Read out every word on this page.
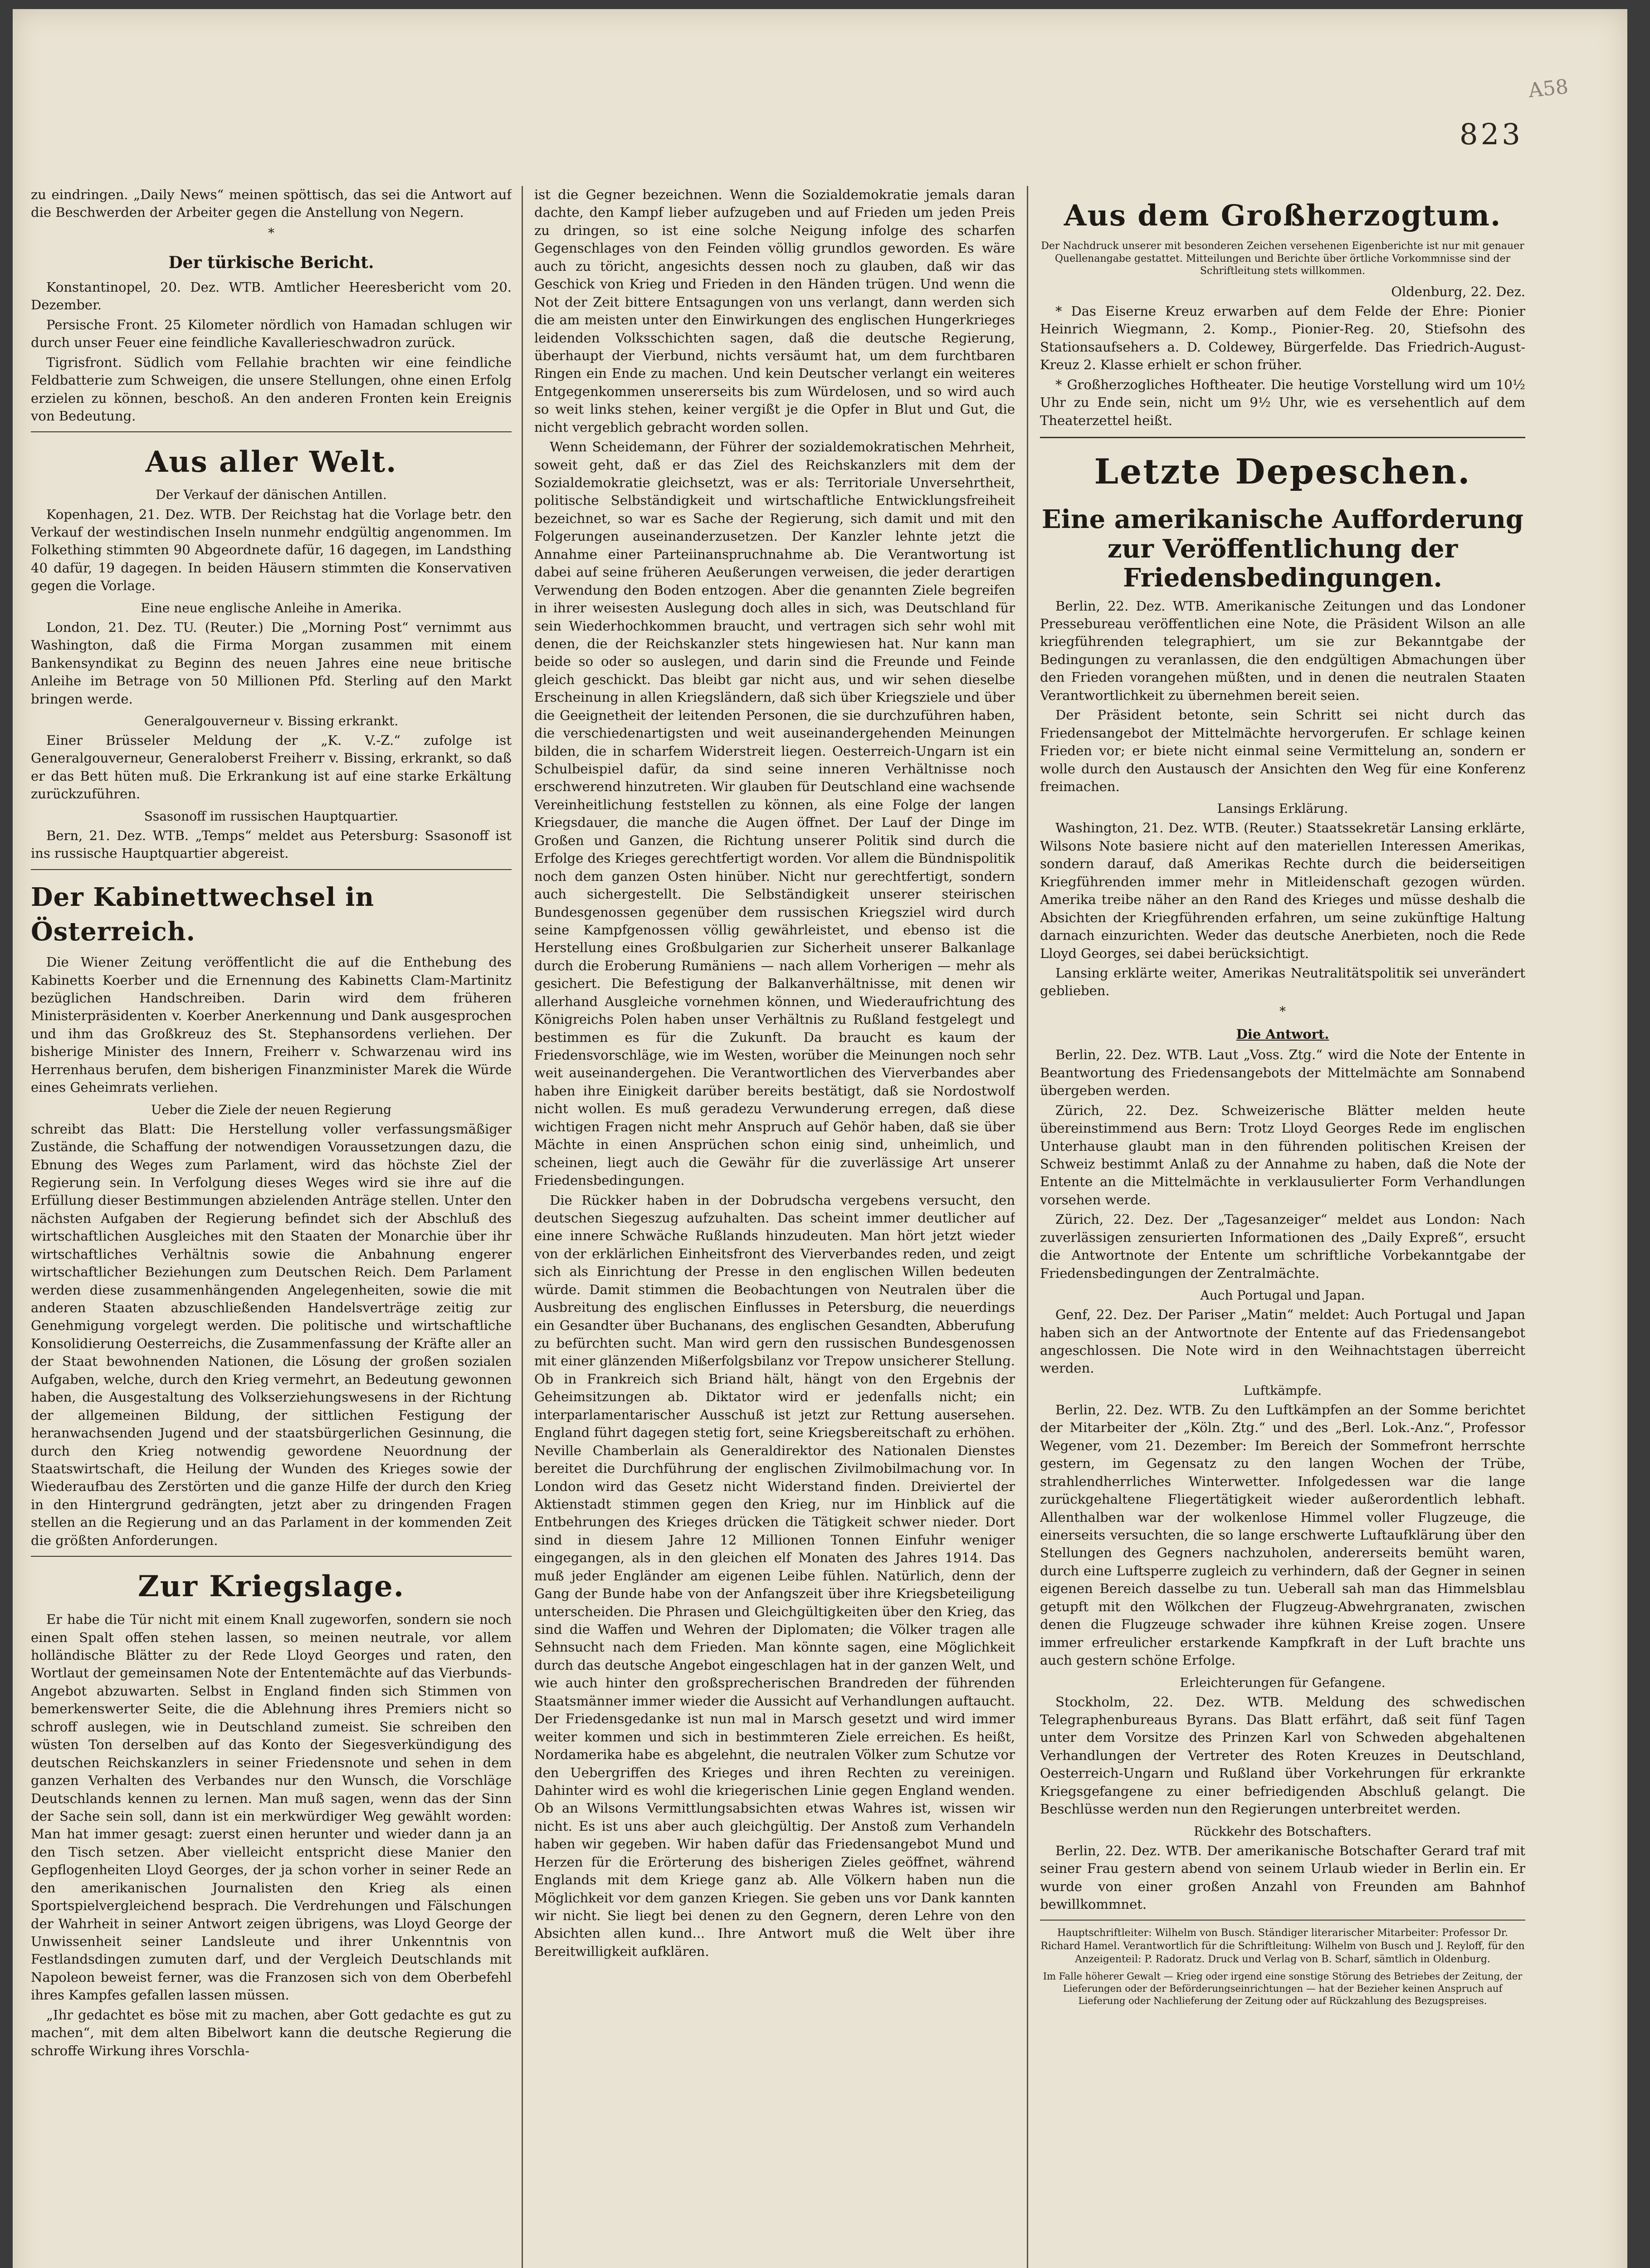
A58
823

zu eindringen. „Daily News“ meinen spöttisch, das sei die Antwort auf die Beschwerden der Arbeiter gegen die Anstellung von Negern.

*
Der türkische Bericht.

Konstantinopel, 20. Dez. WTB. Amtlicher Heeresbericht vom 20. Dezember.

Persische Front. 25 Kilometer nördlich von Hamadan schlugen wir durch unser Feuer eine feindliche Kavallerieschwadron zurück.

Tigrisfront. Südlich vom Fellahie brachten wir eine feindliche Feldbatterie zum Schweigen, die unsere Stellungen, ohne einen Erfolg erzielen zu können, beschoß. An den anderen Fronten kein Ereignis von Bedeutung.

Aus aller Welt.
Der Verkauf der dänischen Antillen.

Kopenhagen, 21. Dez. WTB. Der Reichstag hat die Vorlage betr. den Verkauf der westindischen Inseln nunmehr endgültig angenommen. Im Folkething stimmten 90 Abgeordnete dafür, 16 dagegen, im Landsthing 40 dafür, 19 dagegen. In beiden Häusern stimmten die Konservativen gegen die Vorlage.

Eine neue englische Anleihe in Amerika.

London, 21. Dez. TU. (Reuter.) Die „Morning Post“ vernimmt aus Washington, daß die Firma Morgan zusammen mit einem Bankensyndikat zu Beginn des neuen Jahres eine neue britische Anleihe im Betrage von 50 Millionen Pfd. Sterling auf den Markt bringen werde.

Generalgouverneur v. Bissing erkrankt.

Einer Brüsseler Meldung der „K. V.-Z.“ zufolge ist Generalgouverneur, Generaloberst Freiherr v. Bissing, erkrankt, so daß er das Bett hüten muß. Die Erkrankung ist auf eine starke Erkältung zurückzuführen.

Ssasonoff im russischen Hauptquartier.

Bern, 21. Dez. WTB. „Temps“ meldet aus Petersburg: Ssasonoff ist ins russische Hauptquartier abgereist.

Der Kabinettwechsel in Österreich.

Die Wiener Zeitung veröffentlicht die auf die Enthebung des Kabinetts Koerber und die Ernennung des Kabinetts Clam-Martinitz bezüglichen Handschreiben. Darin wird dem früheren Ministerpräsidenten v. Koerber Anerkennung und Dank ausgesprochen und ihm das Großkreuz des St. Stephansordens verliehen. Der bisherige Minister des Innern, Freiherr v. Schwarzenau wird ins Herrenhaus berufen, dem bisherigen Finanzminister Marek die Würde eines Geheimrats verliehen.

Ueber die Ziele der neuen Regierung

schreibt das Blatt: Die Herstellung voller verfassungsmäßiger Zustände, die Schaffung der notwendigen Voraussetzungen dazu, die Ebnung des Weges zum Parlament, wird das höchste Ziel der Regierung sein. In Verfolgung dieses Weges wird sie ihre auf die Erfüllung dieser Bestimmungen abzielenden Anträge stellen. Unter den nächsten Aufgaben der Regierung befindet sich der Abschluß des wirtschaftlichen Ausgleiches mit den Staaten der Monarchie über ihr wirtschaftliches Verhältnis sowie die Anbahnung engerer wirtschaftlicher Beziehungen zum Deutschen Reich. Dem Parlament werden diese zusammenhängenden Angelegenheiten, sowie die mit anderen Staaten abzuschließenden Handelsverträge zeitig zur Genehmigung vorgelegt werden. Die politische und wirtschaftliche Konsolidierung Oesterreichs, die Zusammenfassung der Kräfte aller an der Staat bewohnenden Nationen, die Lösung der großen sozialen Aufgaben, welche, durch den Krieg vermehrt, an Bedeutung gewonnen haben, die Ausgestaltung des Volkserziehungswesens in der Richtung der allgemeinen Bildung, der sittlichen Festigung der heranwachsenden Jugend und der staatsbürgerlichen Gesinnung, die durch den Krieg notwendig gewordene Neuordnung der Staatswirtschaft, die Heilung der Wunden des Krieges sowie der Wiederaufbau des Zerstörten und die ganze Hilfe der durch den Krieg in den Hintergrund gedrängten, jetzt aber zu dringenden Fragen stellen an die Regierung und an das Parlament in der kommenden Zeit die größten Anforderungen.

Zur Kriegslage.

Er habe die Tür nicht mit einem Knall zugeworfen, sondern sie noch einen Spalt offen stehen lassen, so meinen neutrale, vor allem holländische Blätter zu der Rede Lloyd Georges und raten, den Wortlaut der gemeinsamen Note der Ententemächte auf das Vierbunds-Angebot abzuwarten. Selbst in England finden sich Stimmen von bemerkenswerter Seite, die die Ablehnung ihres Premiers nicht so schroff auslegen, wie in Deutschland zumeist. Sie schreiben den wüsten Ton derselben auf das Konto der Siegesverkündigung des deutschen Reichskanzlers in seiner Friedensnote und sehen in dem ganzen Verhalten des Verbandes nur den Wunsch, die Vorschläge Deutschlands kennen zu lernen. Man muß sagen, wenn das der Sinn der Sache sein soll, dann ist ein merkwürdiger Weg gewählt worden: Man hat immer gesagt: zuerst einen herunter und wieder dann ja an den Tisch setzen. Aber vielleicht entspricht diese Manier den Gepflogenheiten Lloyd Georges, der ja schon vorher in seiner Rede an den amerikanischen Journalisten den Krieg als einen Sportspielvergleichend besprach. Die Verdrehungen und Fälschungen der Wahrheit in seiner Antwort zeigen übrigens, was Lloyd George der Unwissenheit seiner Landsleute und ihrer Unkenntnis von Festlandsdingen zumuten darf, und der Vergleich Deutschlands mit Napoleon beweist ferner, was die Franzosen sich von dem Oberbefehl ihres Kampfes gefallen lassen müssen.

„Ihr gedachtet es böse mit zu machen, aber Gott gedachte es gut zu machen“, mit dem alten Bibelwort kann die deutsche Regierung die schroffe Wirkung ihres Vorschla-

ist die Gegner bezeichnen. Wenn die Sozialdemokratie jemals daran dachte, den Kampf lieber aufzugeben und auf Frieden um jeden Preis zu dringen, so ist eine solche Neigung infolge des scharfen Gegenschlages von den Feinden völlig grundlos geworden. Es wäre auch zu töricht, angesichts dessen noch zu glauben, daß wir das Geschick von Krieg und Frieden in den Händen trügen. Und wenn die Not der Zeit bittere Entsagungen von uns verlangt, dann werden sich die am meisten unter den Einwirkungen des englischen Hungerkrieges leidenden Volksschichten sagen, daß die deutsche Regierung, überhaupt der Vierbund, nichts versäumt hat, um dem furchtbaren Ringen ein Ende zu machen. Und kein Deutscher verlangt ein weiteres Entgegenkommen unsererseits bis zum Würdelosen, und so wird auch so weit links stehen, keiner vergißt je die Opfer in Blut und Gut, die nicht vergeblich gebracht worden sollen.

Wenn Scheidemann, der Führer der sozialdemokratischen Mehrheit, soweit geht, daß er das Ziel des Reichskanzlers mit dem der Sozialdemokratie gleichsetzt, was er als: Territoriale Unversehrtheit, politische Selbständigkeit und wirtschaftliche Entwicklungsfreiheit bezeichnet, so war es Sache der Regierung, sich damit und mit den Folgerungen auseinanderzusetzen. Der Kanzler lehnte jetzt die Annahme einer Parteiinanspruchnahme ab. Die Verantwortung ist dabei auf seine früheren Aeußerungen verweisen, die jeder derartigen Verwendung den Boden entzogen. Aber die genannten Ziele begreifen in ihrer weisesten Auslegung doch alles in sich, was Deutschland für sein Wiederhochkommen braucht, und vertragen sich sehr wohl mit denen, die der Reichskanzler stets hingewiesen hat. Nur kann man beide so oder so auslegen, und darin sind die Freunde und Feinde gleich geschickt. Das bleibt gar nicht aus, und wir sehen dieselbe Erscheinung in allen Kriegsländern, daß sich über Kriegsziele und über die Geeignetheit der leitenden Personen, die sie durchzuführen haben, die verschiedenartigsten und weit auseinandergehenden Meinungen bilden, die in scharfem Widerstreit liegen. Oesterreich-Ungarn ist ein Schulbeispiel dafür, da sind seine inneren Verhältnisse noch erschwerend hinzutreten. Wir glauben für Deutschland eine wachsende Vereinheitlichung feststellen zu können, als eine Folge der langen Kriegsdauer, die manche die Augen öffnet. Der Lauf der Dinge im Großen und Ganzen, die Richtung unserer Politik sind durch die Erfolge des Krieges gerechtfertigt worden. Vor allem die Bündnispolitik noch dem ganzen Osten hinüber. Nicht nur gerechtfertigt, sondern auch sichergestellt. Die Selbständigkeit unserer steirischen Bundesgenossen gegenüber dem russischen Kriegsziel wird durch seine Kampfgenossen völlig gewährleistet, und ebenso ist die Herstellung eines Großbulgarien zur Sicherheit unserer Balkanlage durch die Eroberung Rumäniens — nach allem Vorherigen — mehr als gesichert. Die Befestigung der Balkanverhältnisse, mit denen wir allerhand Ausgleiche vornehmen können, und Wiederaufrichtung des Königreichs Polen haben unser Verhältnis zu Rußland festgelegt und bestimmen es für die Zukunft. Da braucht es kaum der Friedensvorschläge, wie im Westen, worüber die Meinungen noch sehr weit auseinandergehen. Die Verantwortlichen des Vierverbandes aber haben ihre Einigkeit darüber bereits bestätigt, daß sie Nordostwolf nicht wollen. Es muß geradezu Verwunderung erregen, daß diese wichtigen Fragen nicht mehr Anspruch auf Gehör haben, daß sie über Mächte in einen Ansprüchen schon einig sind, unheimlich, und scheinen, liegt auch die Gewähr für die zuverlässige Art unserer Friedensbedingungen.

Die Rückker haben in der Dobrudscha vergebens versucht, den deutschen Siegeszug aufzuhalten. Das scheint immer deutlicher auf eine innere Schwäche Rußlands hinzudeuten. Man hört jetzt wieder von der erklärlichen Einheitsfront des Vierverbandes reden, und zeigt sich als Einrichtung der Presse in den englischen Willen bedeuten würde. Damit stimmen die Beobachtungen von Neutralen über die Ausbreitung des englischen Einflusses in Petersburg, die neuerdings ein Gesandter über Buchanans, des englischen Gesandten, Abberufung zu befürchten sucht. Man wird gern den russischen Bundesgenossen mit einer glänzenden Mißerfolgsbilanz vor Trepow unsicherer Stellung. Ob in Frankreich sich Briand hält, hängt von den Ergebnis der Geheimsitzungen ab. Diktator wird er jedenfalls nicht; ein interparlamentarischer Ausschuß ist jetzt zur Rettung ausersehen. England führt dagegen stetig fort, seine Kriegsbereitschaft zu erhöhen. Neville Chamberlain als Generaldirektor des Nationalen Dienstes bereitet die Durchführung der englischen Zivilmobilmachung vor. In London wird das Gesetz nicht Widerstand finden. Dreiviertel der Aktienstadt stimmen gegen den Krieg, nur im Hinblick auf die Entbehrungen des Krieges drücken die Tätigkeit schwer nieder. Dort sind in diesem Jahre 12 Millionen Tonnen Einfuhr weniger eingegangen, als in den gleichen elf Monaten des Jahres 1914. Das muß jeder Engländer am eigenen Leibe fühlen. Natürlich, denn der Gang der Bunde habe von der Anfangszeit über ihre Kriegsbeteiligung unterscheiden. Die Phrasen und Gleichgültigkeiten über den Krieg, das sind die Waffen und Wehren der Diplomaten; die Völker tragen alle Sehnsucht nach dem Frieden. Man könnte sagen, eine Möglichkeit durch das deutsche Angebot eingeschlagen hat in der ganzen Welt, und wie auch hinter den großsprecherischen Brandreden der führenden Staatsmänner immer wieder die Aussicht auf Verhandlungen auftaucht. Der Friedensgedanke ist nun mal in Marsch gesetzt und wird immer weiter kommen und sich in bestimmteren Ziele erreichen. Es heißt, Nordamerika habe es abgelehnt, die neutralen Völker zum Schutze vor den Uebergriffen des Krieges und ihren Rechten zu vereinigen. Dahinter wird es wohl die kriegerischen Linie gegen England wenden. Ob an Wilsons Vermittlungsabsichten etwas Wahres ist, wissen wir nicht. Es ist uns aber auch gleichgültig. Der Anstoß zum Verhandeln haben wir gegeben. Wir haben dafür das Friedensangebot Mund und Herzen für die Erörterung des bisherigen Zieles geöffnet, während Englands mit dem Kriege ganz ab. Alle Völkern haben nun die Möglichkeit vor dem ganzen Kriegen. Sie geben uns vor Dank kannten wir nicht. Sie liegt bei denen zu den Gegnern, deren Lehre von den Absichten allen kund... Ihre Antwort muß die Welt über ihre Bereitwilligkeit aufklären.

Aus dem Großherzogtum.
Der Nachdruck unserer mit besonderen Zeichen versehenen Eigenberichte ist nur mit genauer Quellenangabe gestattet. Mitteilungen und Berichte über örtliche Vorkommnisse sind der Schriftleitung stets willkommen.

Oldenburg, 22. Dez.

* Das Eiserne Kreuz erwarben auf dem Felde der Ehre: Pionier Heinrich Wiegmann, 2. Komp., Pionier-Reg. 20, Stiefsohn des Stationsaufsehers a. D. Coldewey, Bürgerfelde. Das Friedrich-August-Kreuz 2. Klasse erhielt er schon früher.

* Großherzogliches Hoftheater. Die heutige Vorstellung wird um 10½ Uhr zu Ende sein, nicht um 9½ Uhr, wie es versehentlich auf dem Theaterzettel heißt.

Letzte Depeschen.
Eine amerikanische Aufforderung zur Veröffentlichung der Friedensbedingungen.

Berlin, 22. Dez. WTB. Amerikanische Zeitungen und das Londoner Pressebureau veröffentlichen eine Note, die Präsident Wilson an alle kriegführenden telegraphiert, um sie zur Bekanntgabe der Bedingungen zu veranlassen, die den endgültigen Abmachungen über den Frieden vorangehen müßten, und in denen die neutralen Staaten Verantwortlichkeit zu übernehmen bereit seien.

Der Präsident betonte, sein Schritt sei nicht durch das Friedensangebot der Mittelmächte hervorgerufen. Er schlage keinen Frieden vor; er biete nicht einmal seine Vermittelung an, sondern er wolle durch den Austausch der Ansichten den Weg für eine Konferenz freimachen.

Lansings Erklärung.

Washington, 21. Dez. WTB. (Reuter.) Staatssekretär Lansing erklärte, Wilsons Note basiere nicht auf den materiellen Interessen Amerikas, sondern darauf, daß Amerikas Rechte durch die beiderseitigen Kriegführenden immer mehr in Mitleidenschaft gezogen würden. Amerika treibe näher an den Rand des Krieges und müsse deshalb die Absichten der Kriegführenden erfahren, um seine zukünftige Haltung darnach einzurichten. Weder das deutsche Anerbieten, noch die Rede Lloyd Georges, sei dabei berücksichtigt.

Lansing erklärte weiter, Amerikas Neutralitätspolitik sei unverändert geblieben.

*
Die Antwort.

Berlin, 22. Dez. WTB. Laut „Voss. Ztg.“ wird die Note der Entente in Beantwortung des Friedensangebots der Mittelmächte am Sonnabend übergeben werden.

Zürich, 22. Dez. Schweizerische Blätter melden heute übereinstimmend aus Bern: Trotz Lloyd Georges Rede im englischen Unterhause glaubt man in den führenden politischen Kreisen der Schweiz bestimmt Anlaß zu der Annahme zu haben, daß die Note der Entente an die Mittelmächte in verklausulierter Form Verhandlungen vorsehen werde.

Zürich, 22. Dez. Der „Tagesanzeiger“ meldet aus London: Nach zuverlässigen zensurierten Informationen des „Daily Expreß“, ersucht die Antwortnote der Entente um schriftliche Vorbekanntgabe der Friedensbedingungen der Zentralmächte.

Auch Portugal und Japan.

Genf, 22. Dez. Der Pariser „Matin“ meldet: Auch Portugal und Japan haben sich an der Antwortnote der Entente auf das Friedensangebot angeschlossen. Die Note wird in den Weihnachtstagen überreicht werden.

Luftkämpfe.

Berlin, 22. Dez. WTB. Zu den Luftkämpfen an der Somme berichtet der Mitarbeiter der „Köln. Ztg.“ und des „Berl. Lok.-Anz.“, Professor Wegener, vom 21. Dezember: Im Bereich der Sommefront herrschte gestern, im Gegensatz zu den langen Wochen der Trübe, strahlendherrliches Winterwetter. Infolgedessen war die lange zurückgehaltene Fliegertätigkeit wieder außerordentlich lebhaft. Allenthalben war der wolkenlose Himmel voller Flugzeuge, die einerseits versuchten, die so lange erschwerte Luftaufklärung über den Stellungen des Gegners nachzuholen, andererseits bemüht waren, durch eine Luftsperre zugleich zu verhindern, daß der Gegner in seinen eigenen Bereich dasselbe zu tun. Ueberall sah man das Himmelsblau getupft mit den Wölkchen der Flugzeug-Abwehrgranaten, zwischen denen die Flugzeuge schwader ihre kühnen Kreise zogen. Unsere immer erfreulicher erstarkende Kampfkraft in der Luft brachte uns auch gestern schöne Erfolge.

Erleichterungen für Gefangene.

Stockholm, 22. Dez. WTB. Meldung des schwedischen Telegraphenbureaus Byrans. Das Blatt erfährt, daß seit fünf Tagen unter dem Vorsitze des Prinzen Karl von Schweden abgehaltenen Verhandlungen der Vertreter des Roten Kreuzes in Deutschland, Oesterreich-Ungarn und Rußland über Vorkehrungen für erkrankte Kriegsgefangene zu einer befriedigenden Abschluß gelangt. Die Beschlüsse werden nun den Regierungen unterbreitet werden.

Rückkehr des Botschafters.

Berlin, 22. Dez. WTB. Der amerikanische Botschafter Gerard traf mit seiner Frau gestern abend von seinem Urlaub wieder in Berlin ein. Er wurde von einer großen Anzahl von Freunden am Bahnhof bewillkommnet.

Hauptschriftleiter: Wilhelm von Busch. Ständiger literarischer Mitarbeiter: Professor Dr. Richard Hamel. Verantwortlich für die Schriftleitung: Wilhelm von Busch und J. Reyloff, für den Anzeigenteil: P. Radoratz. Druck und Verlag von B. Scharf, sämtlich in Oldenburg.
Im Falle höherer Gewalt — Krieg oder irgend eine sonstige Störung des Betriebes der Zeitung, der Lieferungen oder der Beförderungseinrichtungen — hat der Bezieher keinen Anspruch auf Lieferung oder Nachlieferung der Zeitung oder auf Rückzahlung des Bezugspreises.
